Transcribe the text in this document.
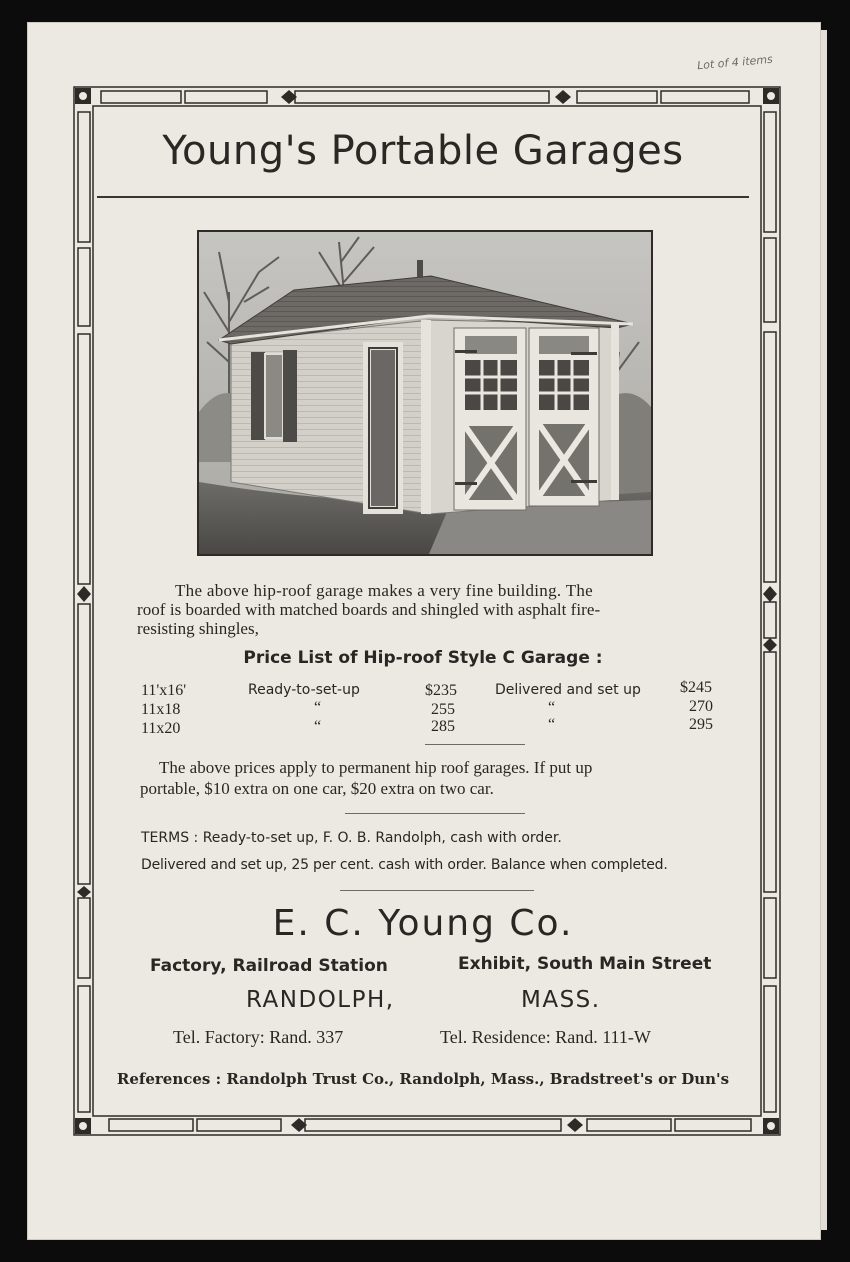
Lot of 4 items
Young's Portable Garages
The above hip-roof garage makes a very fine building. The
roof is boarded with matched boards and shingled with asphalt fire-
resisting shingles,
Price List of Hip-roof Style C Garage :
11'x16'	Ready-to-set-up	$235	Delivered and set up $245
11x18	“	255	“	270
11x20	“	285	“	295
The above prices apply to permanent hip roof garages. If put up
portable, $10 extra on one car, $20 extra on two car.
TERMS : Ready-to-set up, F. O. B. Randolph, cash with order.
Delivered and set up, 25 per cent. cash with order. Balance when completed.
E. C. Young Co.
Factory, Railroad Station	Exhibit, South Main Street
RANDOLPH,	MASS.
Tel. Factory: Rand. 337	Tel. Residence: Rand. 111-W
References : Randolph Trust Co., Randolph, Mass., Bradstreet's or Dun's
